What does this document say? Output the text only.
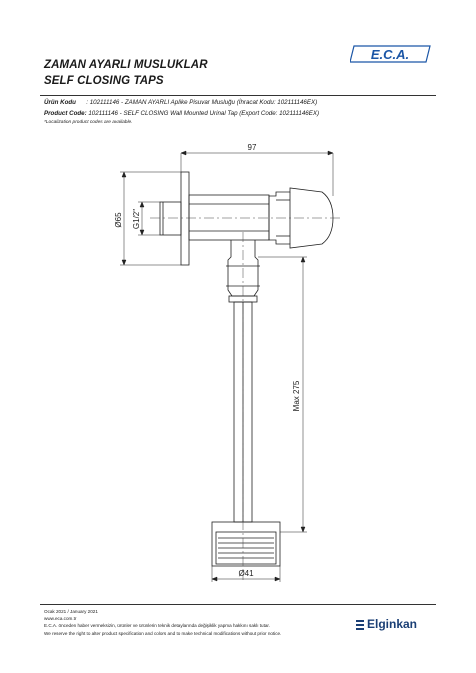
E.C.A.
ZAMAN AYARLI MUSLUKLAR
SELF CLOSING TAPS
Ürün Kodu : 102111146 - ZAMAN AYARLI Aplike Pisuvar Musluğu (İhracat Kodu: 102111146EX)
Product Code: 102111146 - SELF CLOSING Wall Mounted Urinal Tap (Export Code: 102111146EX)
*Localization product codes are available.
97
Ø65 G1/2"
Max 275
Ø41
Ocak 2021 / January 2021
www.eca.com.tr
E.C.A. önceden haber vermeksizin, ürünler ve ürünlerin teknik detaylarında değişiklik yapma hakkını saklı tutar.
We reserve the right to alter product specification and colors and to make technical modifications without prior notice.
Elginkan
